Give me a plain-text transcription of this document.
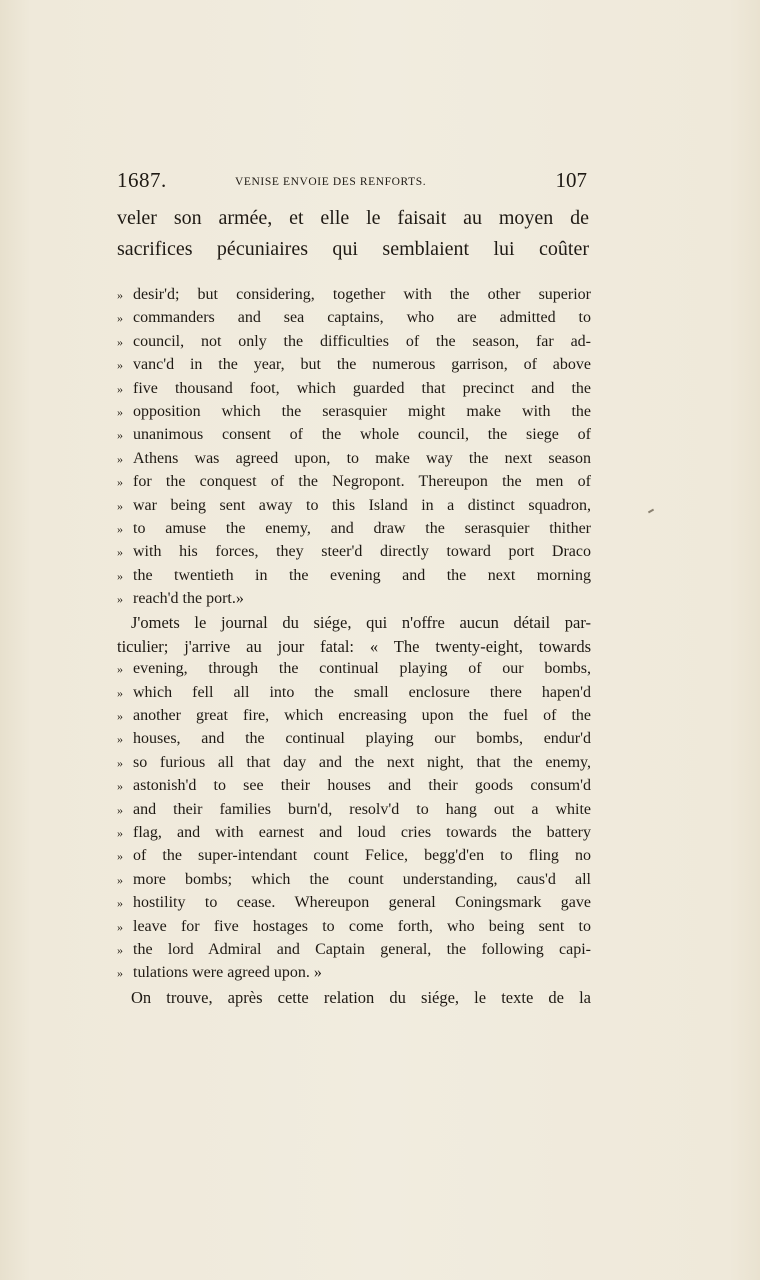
1687.	VENISE ENVOIE DES RENFORTS.	107
veler son armée, et elle le faisait au moyen de
sacrifices pécuniaires qui semblaient lui coûter
» desir'd; but considering, together with the other superior
» commanders and sea captains, who are admitted to
» council, not only the difficulties of the season, far ad-
» vanc'd in the year, but the numerous garrison, of above
» five thousand foot, which guarded that precinct and the
» opposition which the serasquier might make with the
» unanimous consent of the whole council, the siege of
» Athens was agreed upon, to make way the next season
» for the conquest of the Negropont. Thereupon the men of
» war being sent away to this Island in a distinct squadron,
» to amuse the enemy, and draw the serasquier thither
» with his forces, they steer'd directly toward port Draco
» the twentieth in the evening and the next morning
» reach'd the port.»
J'omets le journal du siége, qui n'offre aucun détail par-
ticulier; j'arrive au jour fatal: « The twenty-eight, towards
» evening, through the continual playing of our bombs,
» which fell all into the small enclosure there hapen'd
» another great fire, which encreasing upon the fuel of the
» houses, and the continual playing our bombs, endur'd
» so furious all that day and the next night, that the enemy,
» astonish'd to see their houses and their goods consum'd
» and their families burn'd, resolv'd to hang out a white
» flag, and with earnest and loud cries towards the battery
» of the super-intendant count Felice, begg'd'en to fling no
» more bombs; which the count understanding, caus'd all
» hostility to cease. Whereupon general Coningsmark gave
» leave for five hostages to come forth, who being sent to
» the lord Admiral and Captain general, the following capi-
» tulations were agreed upon. »
On trouve, après cette relation du siége, le texte de la
